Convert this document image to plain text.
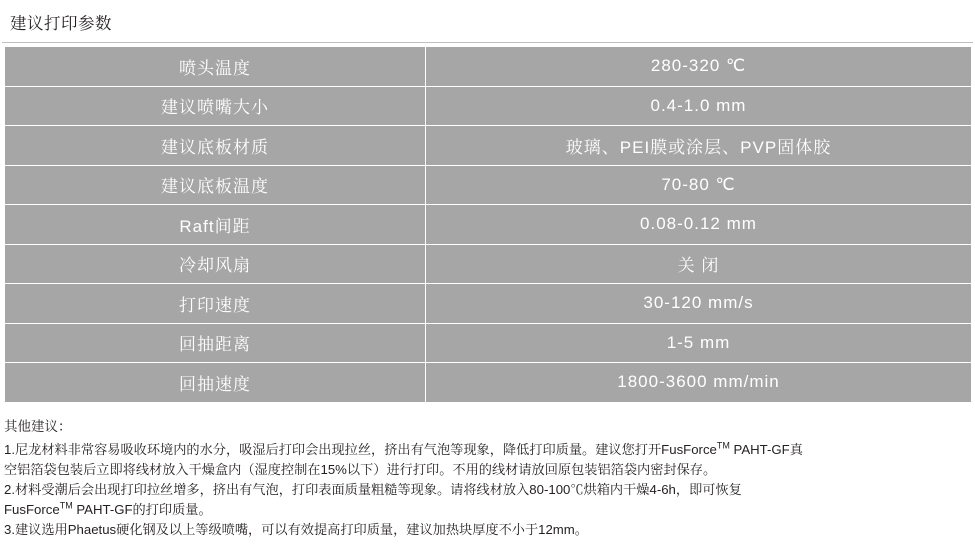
建议打印参数
喷头温度	280-320 ℃
建议喷嘴大小	0.4-1.0 mm
建议底板材质	玻璃、PEI膜或涂层、PVP固体胶
建议底板温度	70-80 ℃
Raft间距	0.08-0.12 mm
冷却风扇	关 闭
打印速度	30-120 mm/s
回抽距离	1-5 mm
回抽速度	1800-3600 mm/min
其他建议：

1.尼龙材料非常容易吸收环境内的水分，吸湿后打印会出现拉丝，挤出有气泡等现象，降低打印质量。建议您打开FusForce™ PAHT-GF真

空铝箔袋包装后立即将线材放入干燥盒内（湿度控制在15%以下）进行打印。不用的线材请放回原包装铝箔袋内密封保存。

2.材料受潮后会出现打印拉丝增多，挤出有气泡，打印表面质量粗糙等现象。请将线材放入80-100℃烘箱内干燥4-6h，即可恢复

FusForce™ PAHT-GF的打印质量。

3.建议选用Phaetus硬化钢及以上等级喷嘴，可以有效提高打印质量，建议加热块厚度不小于12mm。
